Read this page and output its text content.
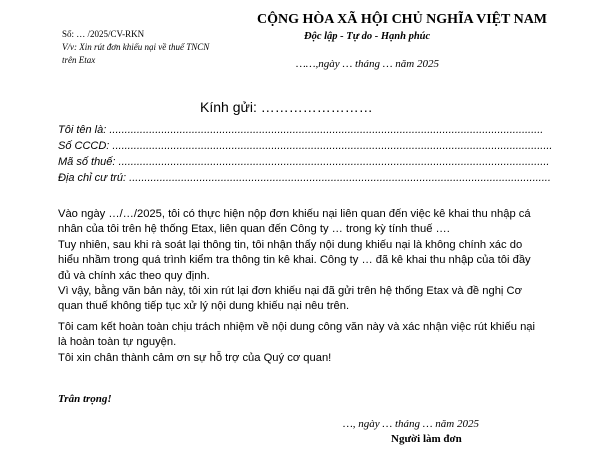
Số: … /2025/CV-RKN
V/v: Xin rút đơn khiếu nại về thuế TNCN
trên Etax
CỘNG HÒA XÃ HỘI CHỦ NGHĨA VIỆT NAM
Độc lập - Tự do - Hạnh phúc
……,ngày … tháng … năm 2025
Kính gửi: ……………………
Tôi tên là: ..............................................................................................................................................
Số CCCD: ................................................................................................................................................
Mã số thuế: .............................................................................................................................................
Địa chỉ cư trú: ..........................................................................................................................................
Vào ngày …/…/2025, tôi có thực hiện nộp đơn khiếu nại liên quan đến việc kê khai thu nhập cá nhân của tôi trên hệ thống Etax, liên quan đến Công ty … trong kỳ tính thuế ….
Tuy nhiên, sau khi rà soát lại thông tin, tôi nhận thấy nội dung khiếu nại là không chính xác do hiểu nhầm trong quá trình kiểm tra thông tin kê khai. Công ty … đã kê khai thu nhập của tôi đầy đủ và chính xác theo quy định.
Vì vậy, bằng văn bản này, tôi xin rút lại đơn khiếu nại đã gửi trên hệ thống Etax và đề nghị Cơ quan thuế không tiếp tục xử lý nội dung khiếu nại nêu trên.
Tôi cam kết hoàn toàn chịu trách nhiệm về nội dung công văn này và xác nhận việc rút khiếu nại là hoàn toàn tự nguyện.
Tôi xin chân thành cảm ơn sự hỗ trợ của Quý cơ quan!
Trân trọng!
…, ngày … tháng … năm 2025
Người làm đơn
